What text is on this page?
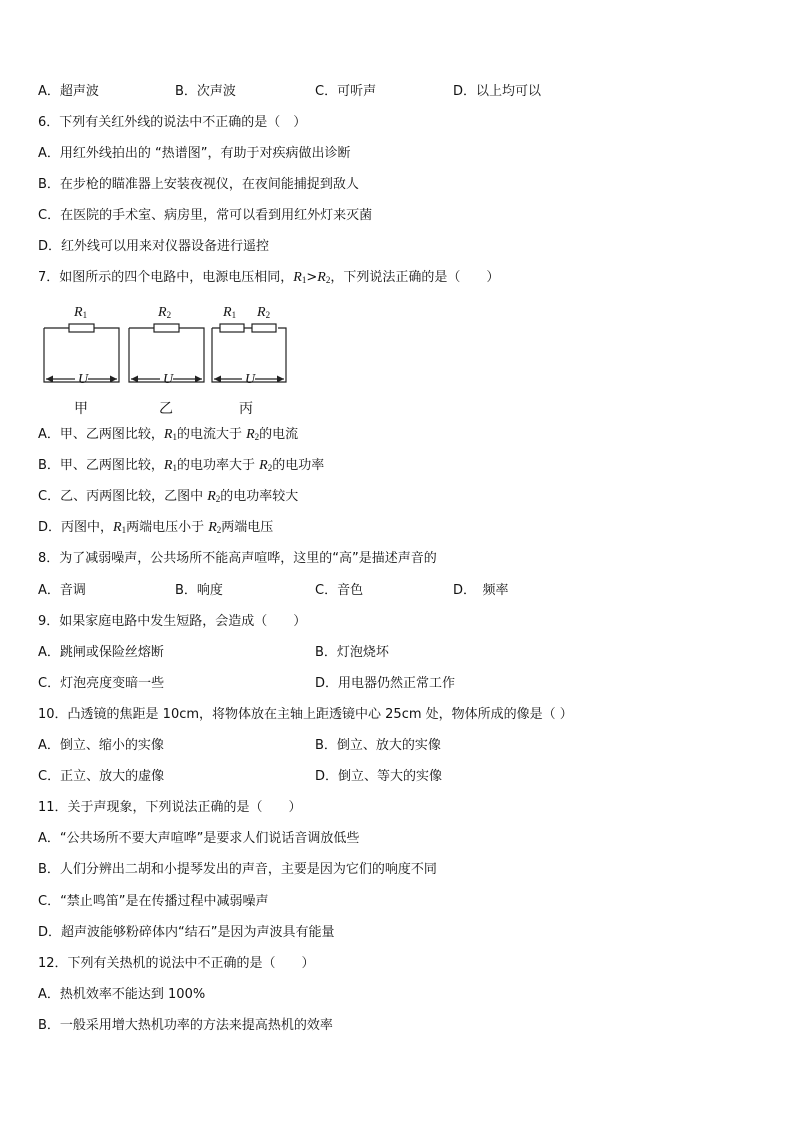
A．超声波	B．次声波	C．可听声	D．以上均可以
6．下列有关红外线的说法中不正确的是（　）
A．用红外线拍出的 “热谱图”，有助于对疾病做出诊断
B．在步枪的瞄准器上安装夜视仪，在夜间能捕捉到敌人
C．在医院的手术室、病房里，常可以看到用红外灯来灭菌
D．红外线可以用来对仪器设备进行遥控
7．如图所示的四个电路中，电源电压相同，$R_1>R_2$，下列说法正确的是（　　）
$R_1$	$R_2$	$R_1$ $R_2$
U	U	U
甲	乙	丙
A．甲、乙两图比较，$R_1$的电流大于 $R_2$的电流
B．甲、乙两图比较，$R_1$的电功率大于 $R_2$的电功率
C．乙、丙两图比较，乙图中 $R_2$的电功率较大
D．丙图中，$R_1$两端电压小于 $R_2$两端电压
8．为了减弱噪声，公共场所不能高声喧哗，这里的“高”是描述声音的
A．音调	B．响度	C．音色	D．　频率
9．如果家庭电路中发生短路，会造成（　　）
A．跳闸或保险丝熔断	B．灯泡烧坏
C．灯泡亮度变暗一些	D．用电器仍然正常工作
10．凸透镜的焦距是 10cm，将物体放在主轴上距透镜中心 25cm 处，物体所成的像是（ ）
A．倒立、缩小的实像	B．倒立、放大的实像
C．正立、放大的虚像	D．倒立、等大的实像
11．关于声现象，下列说法正确的是（　　）
A．“公共场所不要大声喧哗”是要求人们说话音调放低些
B．人们分辨出二胡和小提琴发出的声音，主要是因为它们的响度不同
C．“禁止鸣笛”是在传播过程中减弱噪声
D．超声波能够粉碎体内“结石”是因为声波具有能量
12．下列有关热机的说法中不正确的是（　　）
A．热机效率不能达到 100%
B．一般采用增大热机功率的方法来提高热机的效率
